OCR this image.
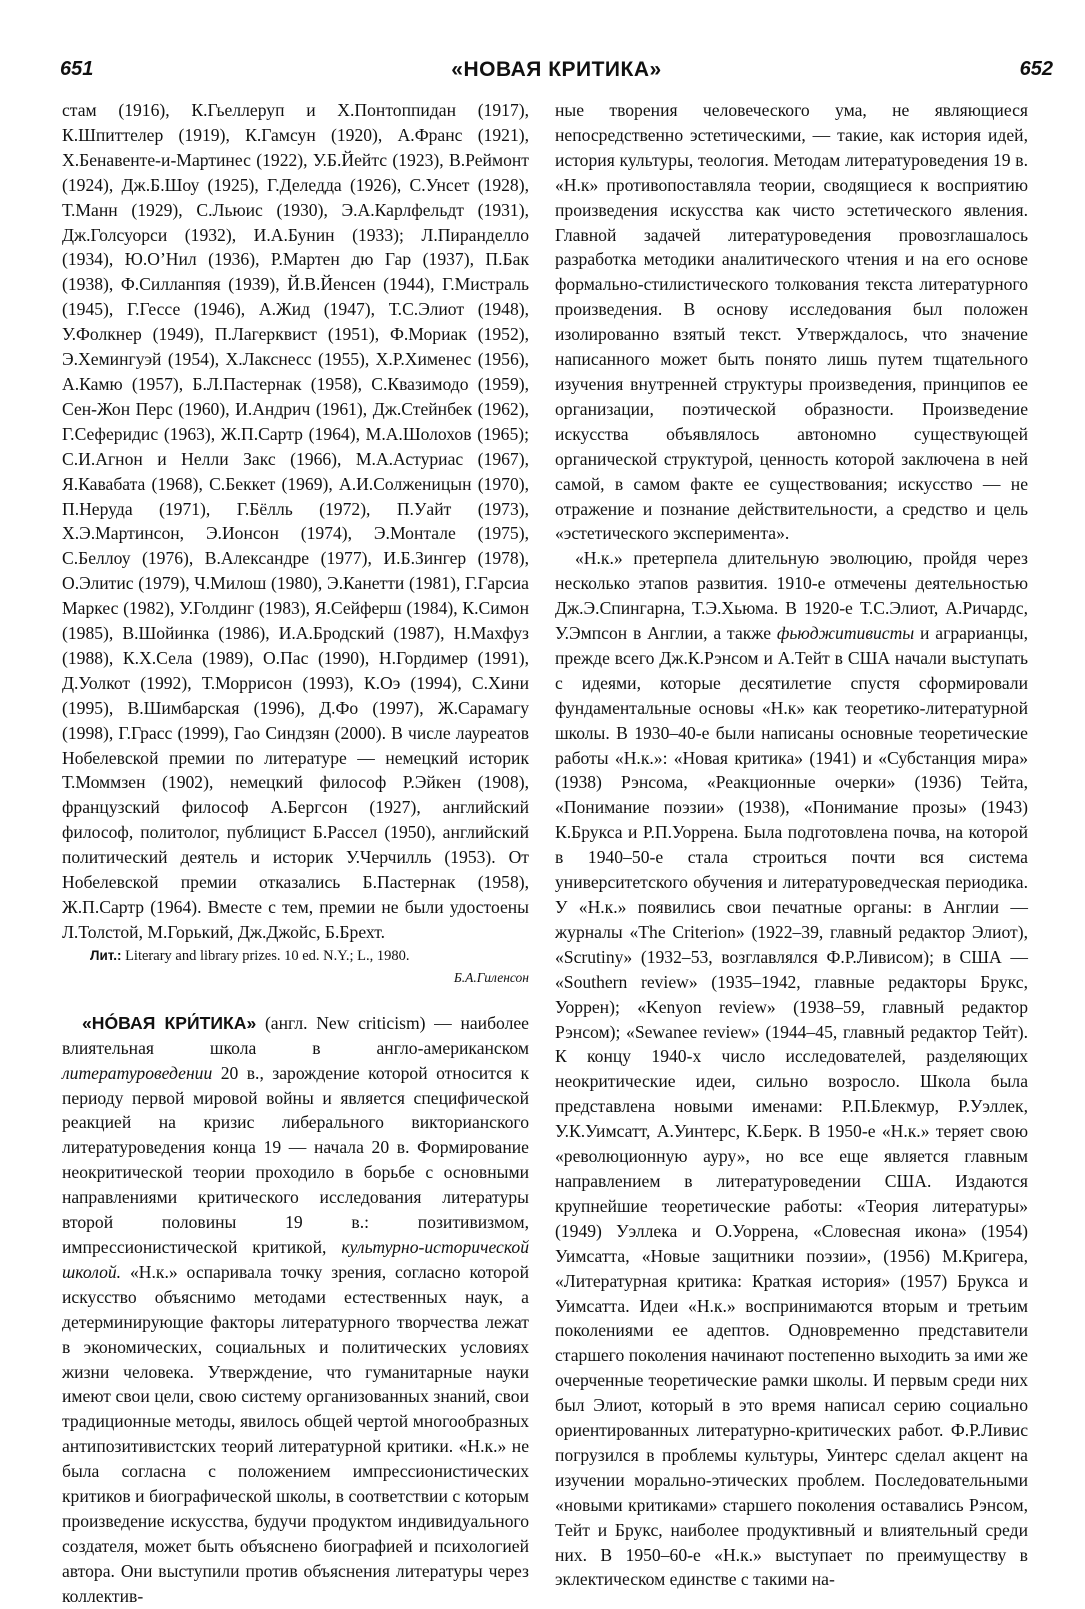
651	«НОВАЯ КРИТИКА»	652

стам (1916), К.Гьеллеруп и Х.Понтоппидан (1917), К.Шпиттелер (1919), К.Гамсун (1920), А.Франс (1921), Х.Бенавенте-и-Мартинес (1922), У.Б.Йейтс (1923), В.Реймонт (1924), Дж.Б.Шоу (1925), Г.Деледда (1926), С.Унсет (1928), Т.Манн (1929), С.Льюис (1930), Э.А.Карлфельдт (1931), Дж.Голсуорси (1932), И.А.Бунин (1933); Л.Пиранделло (1934), Ю.О’Нил (1936), Р.Мартен дю Гар (1937), П.Бак (1938), Ф.Силланпяя (1939), Й.В.Йенсен (1944), Г.Мистраль (1945), Г.Гессе (1946), А.Жид (1947), Т.С.Элиот (1948), У.Фолкнер (1949), П.Лагерквист (1951), Ф.Мориак (1952), Э.Хемингуэй (1954), Х.Лакснесс (1955), Х.Р.Хименес (1956), А.Камю (1957), Б.Л.Пастернак (1958), С.Квазимодо (1959), Сен-Жон Перс (1960), И.Андрич (1961), Дж.Стейнбек (1962), Г.Сеферидис (1963), Ж.П.Сартр (1964), М.А.Шолохов (1965); С.И.Агнон и Нелли Закс (1966), М.А.Астуриас (1967), Я.Кавабата (1968), С.Беккет (1969), А.И.Солженицын (1970), П.Неруда (1971), Г.Бёлль (1972), П.Уайт (1973), Х.Э.Мартинсон, Э.Ионсон (1974), Э.Монтале (1975), С.Беллоу (1976), В.Александре (1977), И.Б.Зингер (1978), О.Элитис (1979), Ч.Милош (1980), Э.Канетти (1981), Г.Гарсиа Маркес (1982), У.Голдинг (1983), Я.Сейферш (1984), К.Симон (1985), В.Шойинка (1986), И.А.Бродский (1987), Н.Махфуз (1988), К.Х.Села (1989), О.Пас (1990), Н.Гордимер (1991), Д.Уолкот (1992), Т.Моррисон (1993), К.Оэ (1994), С.Хини (1995), В.Шимбарская (1996), Д.Фо (1997), Ж.Сарамагу (1998), Г.Грасс (1999), Гао Синдзян (2000). В числе лауреатов Нобелевской премии по литературе — немецкий историк Т.Моммзен (1902), немецкий философ Р.Эйкен (1908), французский философ А.Бергсон (1927), английский философ, политолог, публицист Б.Рассел (1950), английский политический деятель и историк У.Черчилль (1953). От Нобелевской премии отказались Б.Пастернак (1958), Ж.П.Сартр (1964). Вместе с тем, премии не были удостоены Л.Толстой, М.Горький, Дж.Джойс, Б.Брехт.

Лит.: Literary and library prizes. 10 ed. N.Y.; L., 1980.

Б.А.Гиленсон

«НÓВАЯ КРИ́ТИКА» (англ. New criticism) — наиболее влиятельная школа в англо-американском литературоведении 20 в., зарождение которой относится к периоду первой мировой войны и является специфической реакцией на кризис либерального викторианского литературоведения конца 19 — начала 20 в. Формирование неокритической теории проходило в борьбе с основными направлениями критического исследования литературы второй половины 19 в.: позитивизмом, импрессионистической критикой, культурно-исторической школой. «Н.к.» оспаривала точку зрения, согласно которой искусство объяснимо методами естественных наук, а детерминирующие факторы литературного творчества лежат в экономических, социальных и политических условиях жизни человека. Утверждение, что гуманитарные науки имеют свои цели, свою систему организованных знаний, свои традиционные методы, явилось общей чертой многообразных антипозитивистских теорий литературной критики. «Н.к.» не была согласна с положением импрессионистических критиков и биографической школы, в соответствии с которым произведение искусства, будучи продуктом индивидуального создателя, может быть объяснено биографией и психологией автора. Они выступили против объяснения литературы через коллектив-

ные творения человеческого ума, не являющиеся непосредственно эстетическими, — такие, как история идей, история культуры, теология. Методам литературоведения 19 в. «Н.к» противопоставляла теории, сводящиеся к восприятию произведения искусства как чисто эстетического явления. Главной задачей литературоведения провозглашалось разработка методики аналитического чтения и на его основе формально-стилистического толкования текста литературного произведения. В основу исследования был положен изолированно взятый текст. Утверждалось, что значение написанного может быть понято лишь путем тщательного изучения внутренней структуры произведения, принципов ее организации, поэтической образности. Произведение искусства объявлялось автономно существующей органической структурой, ценность которой заключена в ней самой, в самом факте ее существования; искусство — не отражение и познание действительности, а средство и цель «эстетического эксперимента».

«Н.к.» претерпела длительную эволюцию, пройдя через несколько этапов развития. 1910-е отмечены деятельностью Дж.Э.Спингарна, Т.Э.Хьюма. В 1920-е Т.С.Элиот, А.Ричардс, У.Эмпсон в Англии, а также фьюджитивисты и аграрианцы, прежде всего Дж.К.Рэнсом и А.Тейт в США начали выступать с идеями, которые десятилетие спустя сформировали фундаментальные основы «Н.к» как теоретико-литературной школы. В 1930–40-е были написаны основные теоретические работы «Н.к.»: «Новая критика» (1941) и «Субстанция мира» (1938) Рэнсома, «Реакционные очерки» (1936) Тейта, «Понимание поэзии» (1938), «Понимание прозы» (1943) К.Брукса и Р.П.Уоррена. Была подготовлена почва, на которой в 1940–50-е стала строиться почти вся система университетского обучения и литературоведческая периодика. У «Н.к.» появились свои печатные органы: в Англии — журналы «The Criterion» (1922–39, главный редактор Элиот), «Scrutiny» (1932–53, возглавлялся Ф.Р.Ливисом); в США — «Southern review» (1935–1942, главные редакторы Брукс, Уоррен); «Kenyon review» (1938–59, главный редактор Рэнсом); «Sewanee review» (1944–45, главный редактор Тейт). К концу 1940-х число исследователей, разделяющих неокритические идеи, сильно возросло. Школа была представлена новыми именами: Р.П.Блекмур, Р.Уэллек, У.К.Уимсатт, А.Уинтерс, К.Берк. В 1950-е «Н.к.» теряет свою «революционную ауру», но все еще является главным направлением в литературоведении США. Издаются крупнейшие теоретические работы: «Теория литературы» (1949) Уэллека и О.Уоррена, «Словесная икона» (1954) Уимсатта, «Новые защитники поэзии», (1956) М.Кригера, «Литературная критика: Краткая история» (1957) Брукса и Уимсатта. Идеи «Н.к.» воспринимаются вторым и третьим поколениями ее адептов. Одновременно представители старшего поколения начинают постепенно выходить за ими же очерченные теоретические рамки школы. И первым среди них был Элиот, который в это время написал серию социально ориентированных литературно-критических работ. Ф.Р.Ливис погрузился в проблемы культуры, Уинтерс сделал акцент на изучении морально-этических проблем. Последовательными «новыми критиками» старшего поколения оставались Рэнсом, Тейт и Брукс, наиболее продуктивный и влиятельный среди них. В 1950–60-е «Н.к.» выступает по преимуществу в эклектическом единстве с такими на-
